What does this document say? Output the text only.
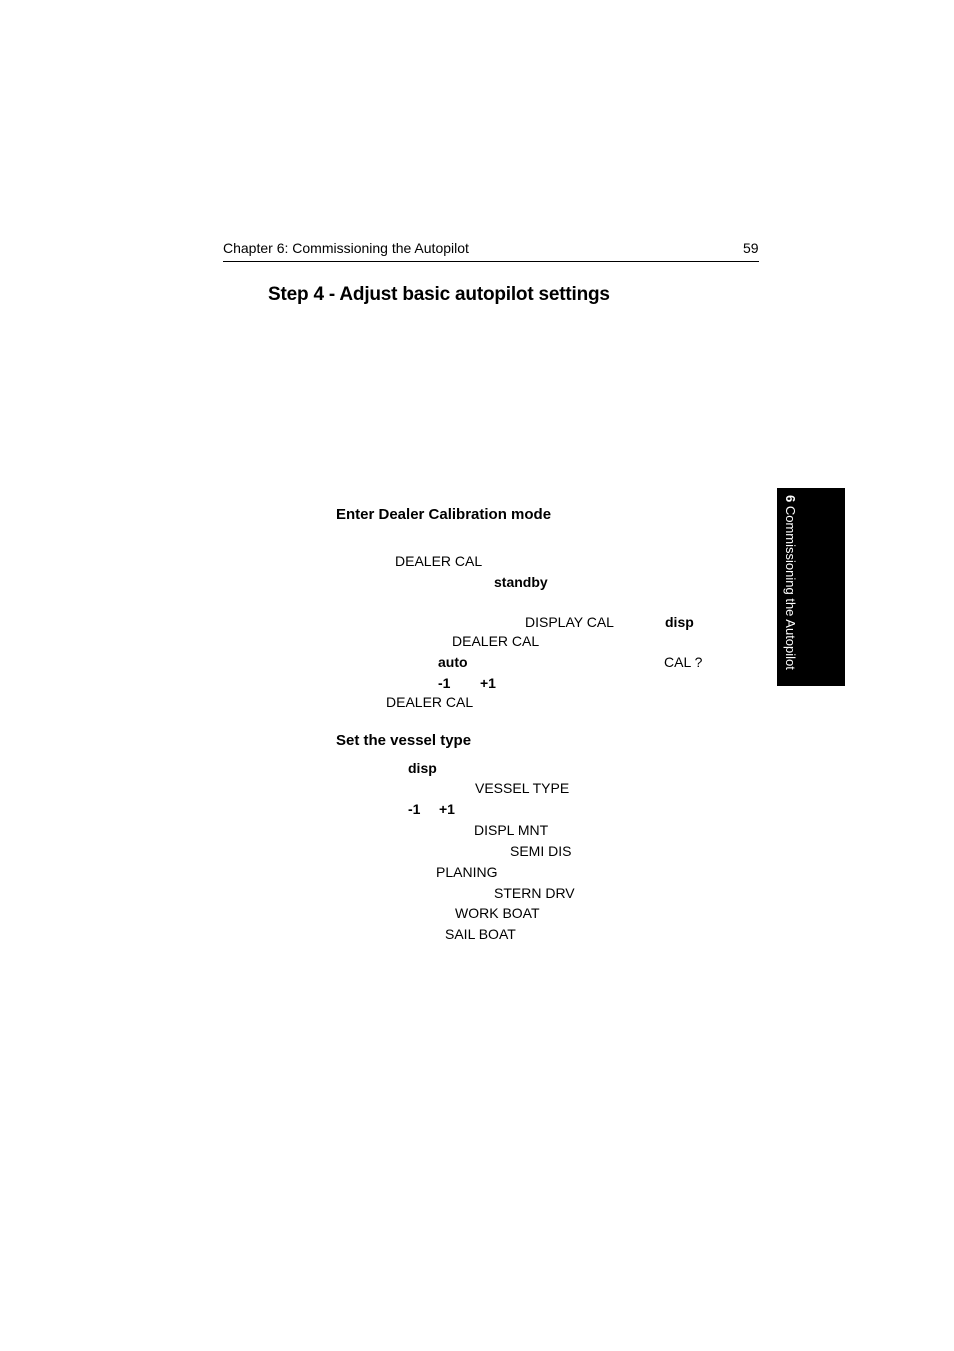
Chapter 6: Commissioning the Autopilot	59
Step 4 - Adjust basic autopilot settings
6 Commissioning the Autopilot
Enter Dealer Calibration mode
DEALER CAL
standby
DISPLAY CAL	disp
DEALER CAL
auto	CAL ?
-1 +1
DEALER CAL
Set the vessel type
disp
VESSEL TYPE
-1 +1
DISPL MNT
SEMI DIS
PLANING
STERN DRV
WORK BOAT
SAIL BOAT
